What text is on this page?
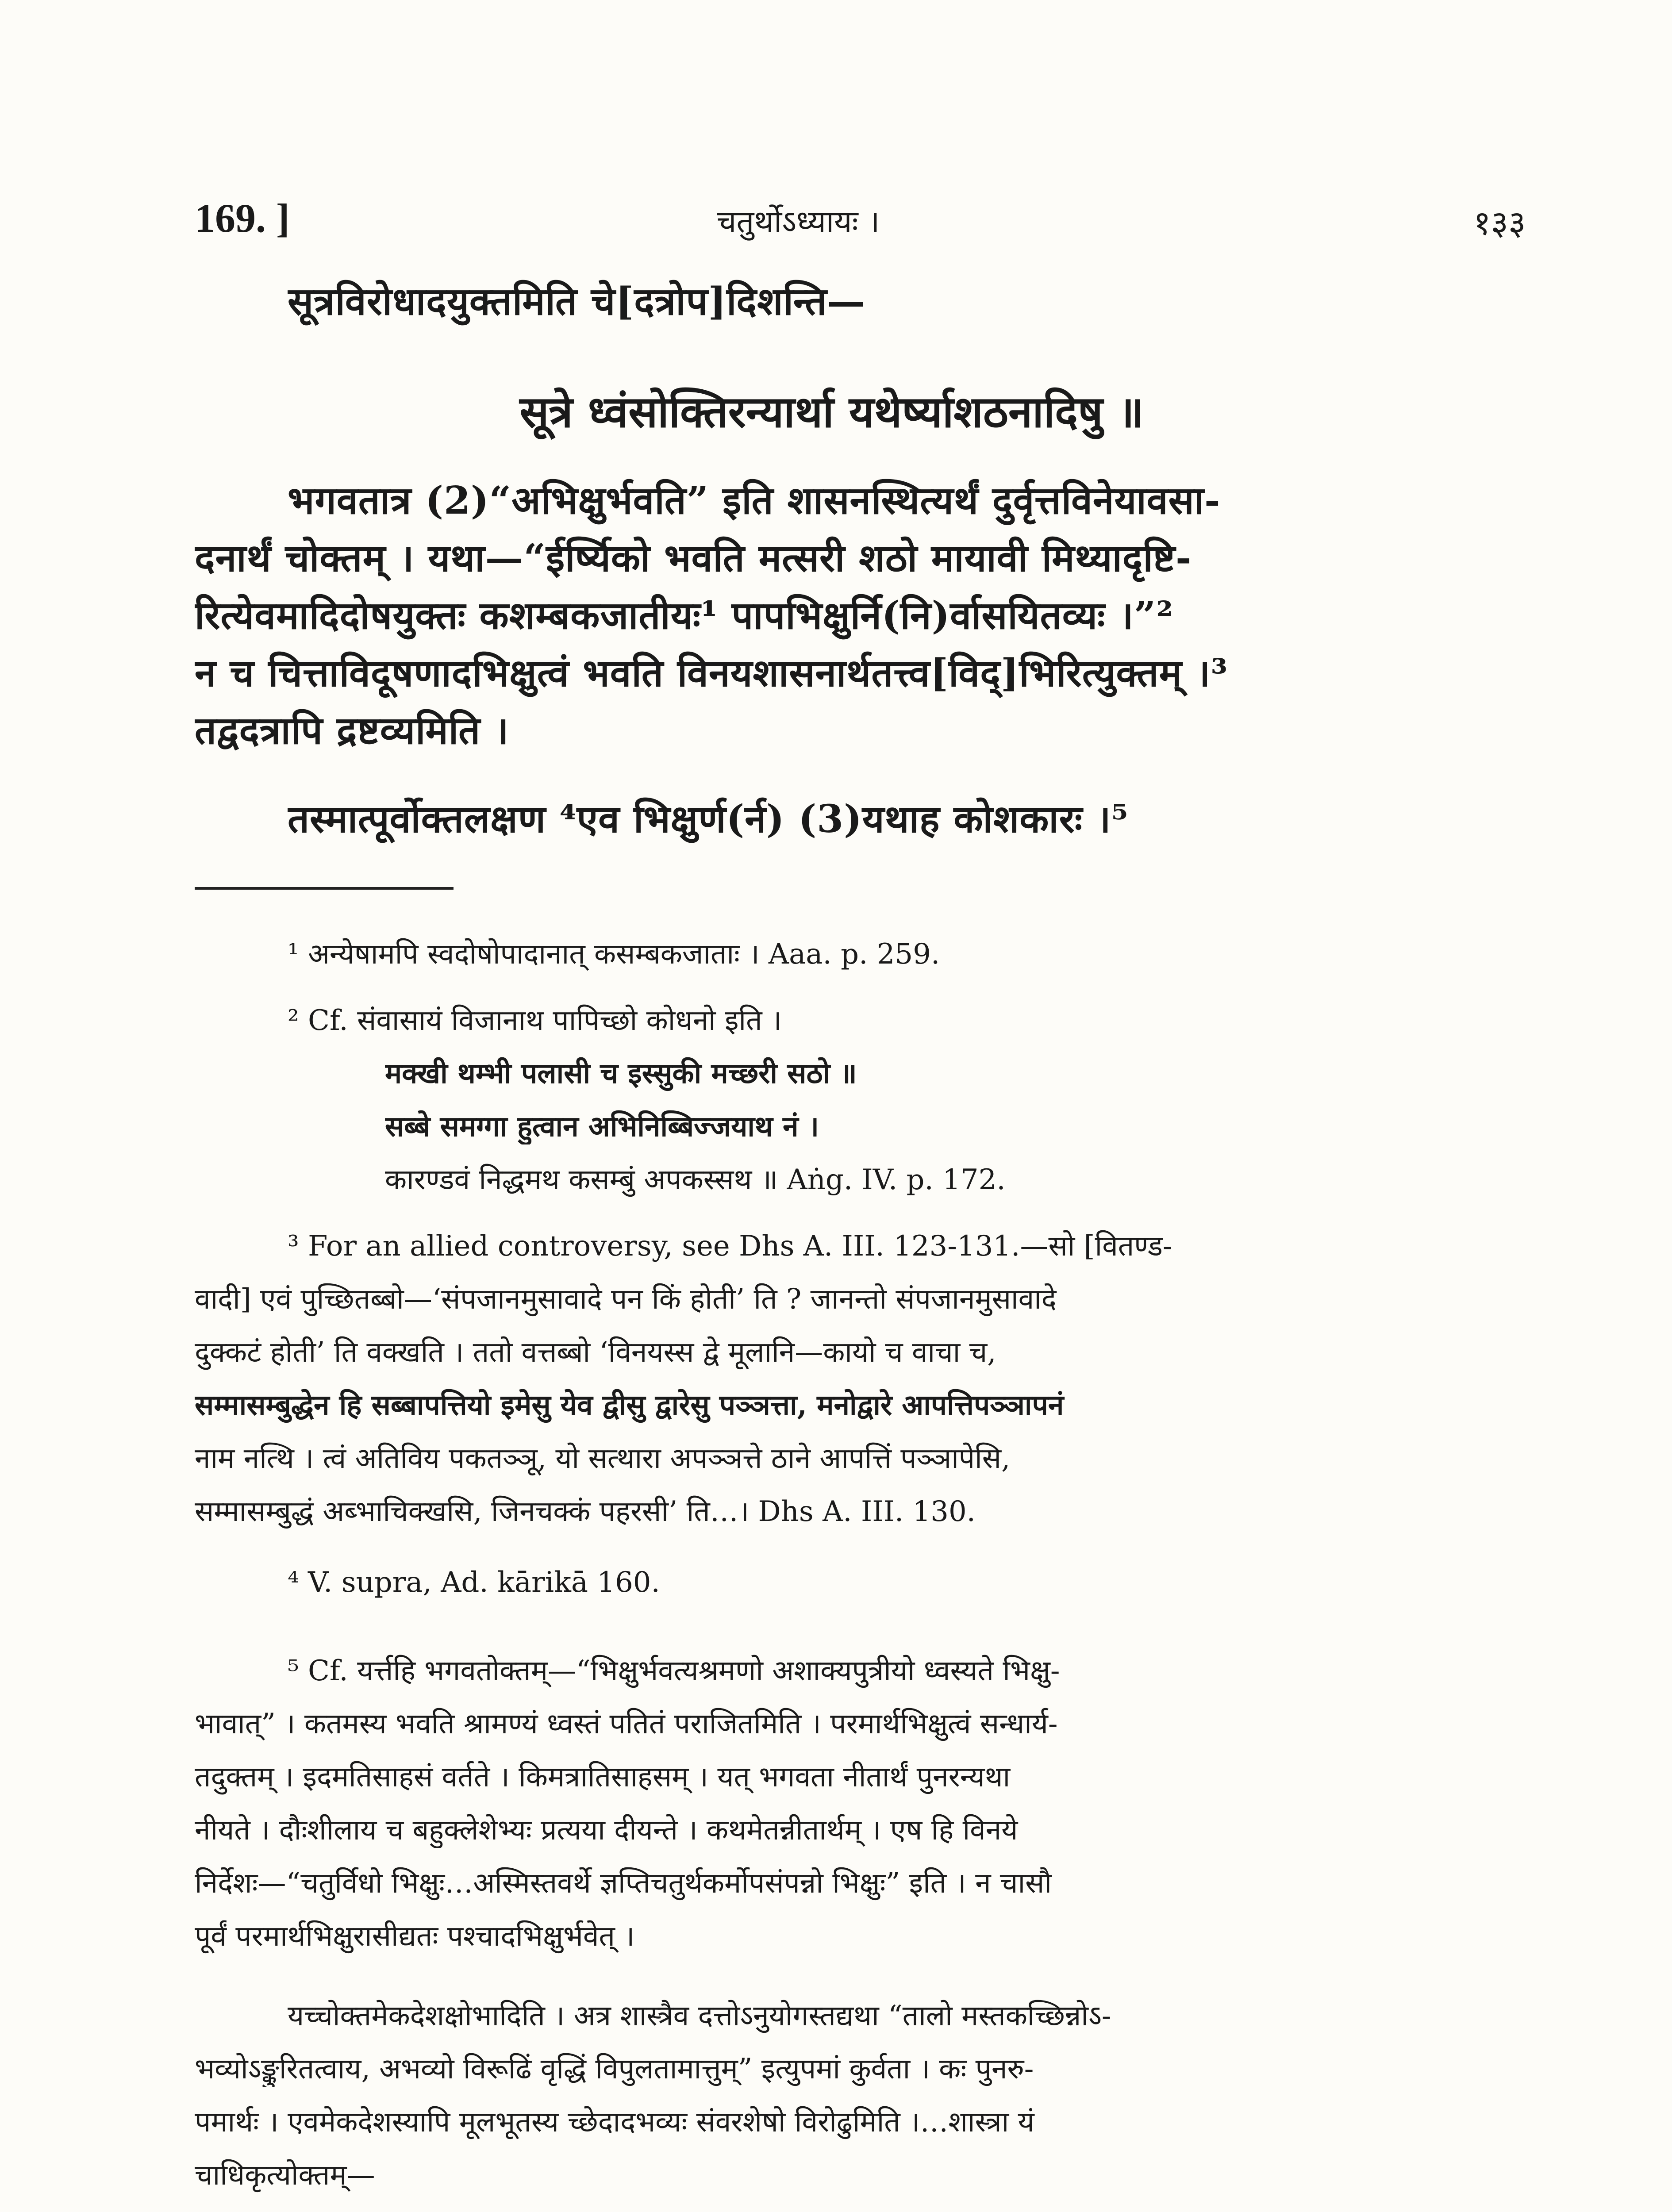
169. ]	चतुर्थोऽध्यायः ।	१३३
सूत्रविरोधादयुक्तमिति चे[दत्रोप]दिशन्ति—
सूत्रे ध्वंसोक्तिरन्यार्था यथेर्ष्याशठनादिषु ॥
भगवतात्र (2)“अभिक्षुर्भवति” इति शासनस्थित्यर्थं दुर्वृत्तविनेयावसा-
दनार्थं चोक्तम् । यथा—“ईर्ष्यिको भवति मत्सरी शठो मायावी मिथ्यादृष्टि-
रित्येवमादिदोषयुक्तः कशम्बकजातीयः¹ पापभिक्षुर्नि(नि)र्वासयितव्यः ।”²
न च चित्ताविदूषणादभिक्षुत्वं भवति विनयशासनार्थतत्त्व[विद्]भिरित्युक्तम् ।³
तद्वदत्रापि द्रष्टव्यमिति ।
तस्मात्पूर्वोक्तलक्षण ⁴एव भिक्षुर्ण(र्न) (3)यथाह कोशकारः ।⁵
¹ अन्येषामपि स्वदोषोपादानात् कसम्बकजाताः । Aaa. p. 259.
² Cf. संवासायं विजानाथ पापिच्छो कोधनो इति ।
मक्खी थम्भी पलासी च इस्सुकी मच्छरी सठो ॥
सब्बे समग्गा हुत्वान अभिनिब्बिज्जयाथ नं ।
कारण्डवं निद्धमथ कसम्बुं अपकस्सथ ॥ Aṅg. IV. p. 172.
³ For an allied controversy, see Dhs A. III. 123-131.—सो [वितण्ड-
वादी] एवं पुच्छितब्बो—‘संपजानमुसावादे पन किं होती’ ति ? जानन्तो संपजानमुसावादे
दुक्कटं होती’ ति वक्खति । ततो वत्तब्बो ‘विनयस्स द्वे मूलानि—कायो च वाचा च,
सम्मासम्बुद्धेन हि सब्बापत्तियो इमेसु येव द्वीसु द्वारेसु पञ्ञत्ता, मनोद्वारे आपत्तिपञ्ञापनं
नाम नत्थि । त्वं अतिविय पकतञ्ञू, यो सत्थारा अपञ्ञत्ते ठाने आपत्तिं पञ्ञापेसि,
सम्मासम्बुद्धं अब्भाचिक्खसि, जिनचक्कं पहरसी’ ति…। Dhs A. III. 130.
⁴ V. supra, Ad. kārikā 160.
⁵ Cf. यर्त्तहि भगवतोक्तम्—“भिक्षुर्भवत्यश्रमणो अशाक्यपुत्रीयो ध्वस्यते भिक्षु-
भावात्” । कतमस्य भवति श्रामण्यं ध्वस्तं पतितं पराजितमिति । परमार्थभिक्षुत्वं सन्धार्य-
तदुक्तम् । इदमतिसाहसं वर्तते । किमत्रातिसाहसम् । यत् भगवता नीतार्थं पुनरन्यथा
नीयते । दौःशीलाय च बहुक्लेशेभ्यः प्रत्यया दीयन्ते । कथमेतन्नीतार्थम् । एष हि विनये
निर्देशः—“चतुर्विधो भिक्षुः…अस्मिस्तवर्थे ज्ञप्तिचतुर्थकर्मोपसंपन्नो भिक्षुः” इति । न चासौ
पूर्वं परमार्थभिक्षुरासीद्यतः पश्चादभिक्षुर्भवेत् ।
यच्चोक्तमेकदेशक्षोभादिति । अत्र शास्त्रैव दत्तोऽनुयोगस्तद्यथा “तालो मस्तकच्छिन्नोऽ-
भव्योऽङ्कुरितत्वाय, अभव्यो विरूढिं वृद्धिं विपुलतामात्तुम्” इत्युपमां कुर्वता । कः पुनरु-
पमार्थः । एवमेकदेशस्यापि मूलभूतस्य च्छेदादभव्यः संवरशेषो विरोढुमिति ।…शास्त्रा यं
चाधिकृत्योक्तम्—
